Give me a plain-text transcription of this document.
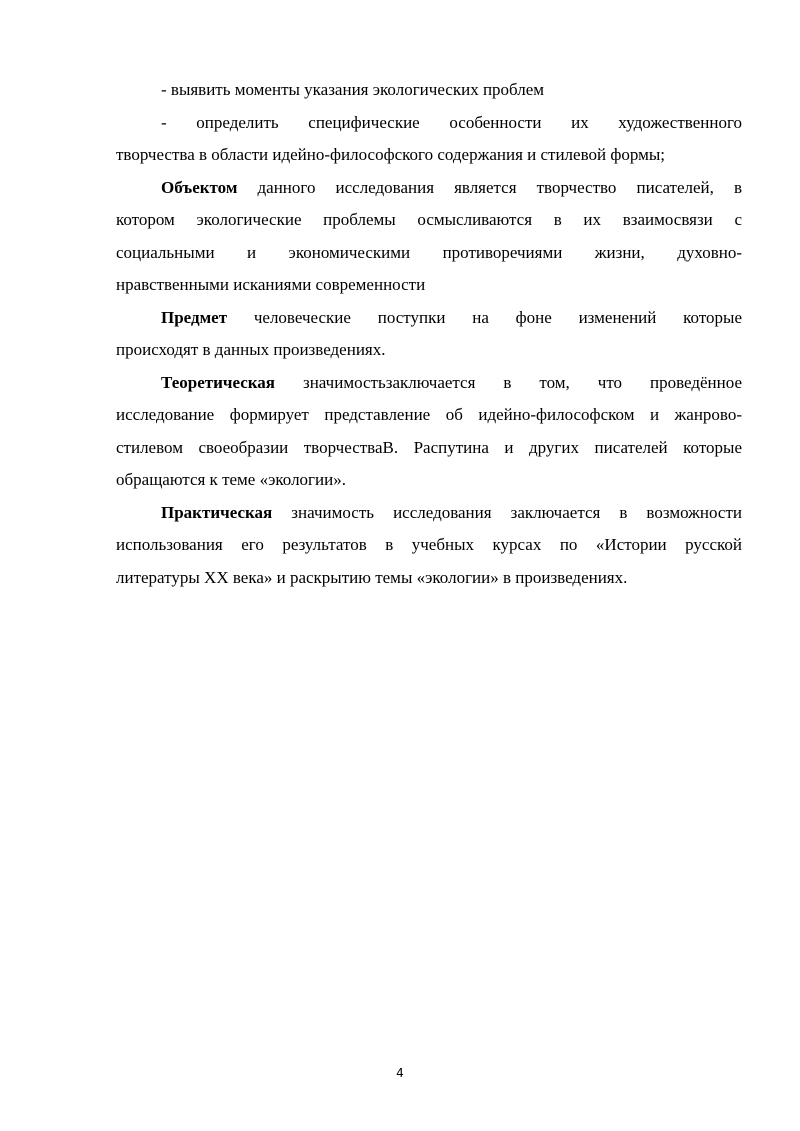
- выявить моменты указания экологических проблем
- определить специфические особенности их художественного
творчества в области идейно-философского содержания и стилевой формы;
Объектом данного исследования является творчество писателей, в
котором экологические проблемы осмысливаются в их взаимосвязи с
социальными и экономическими противоречиями жизни, духовно-
нравственными исканиями современности
Предмет человеческие поступки на фоне изменений которые
происходят в данных произведениях.
Теоретическая значимостьзаключается в том, что проведённое
исследование формирует представление об идейно-философском и жанрово-
стилевом своеобразии творчестваВ. Распутина и других писателей которые
обращаются к теме «экологии».
Практическая значимость исследования заключается в возможности
использования его результатов в учебных курсах по «Истории русской
литературы XX века» и раскрытию темы «экологии» в произведениях.
4
